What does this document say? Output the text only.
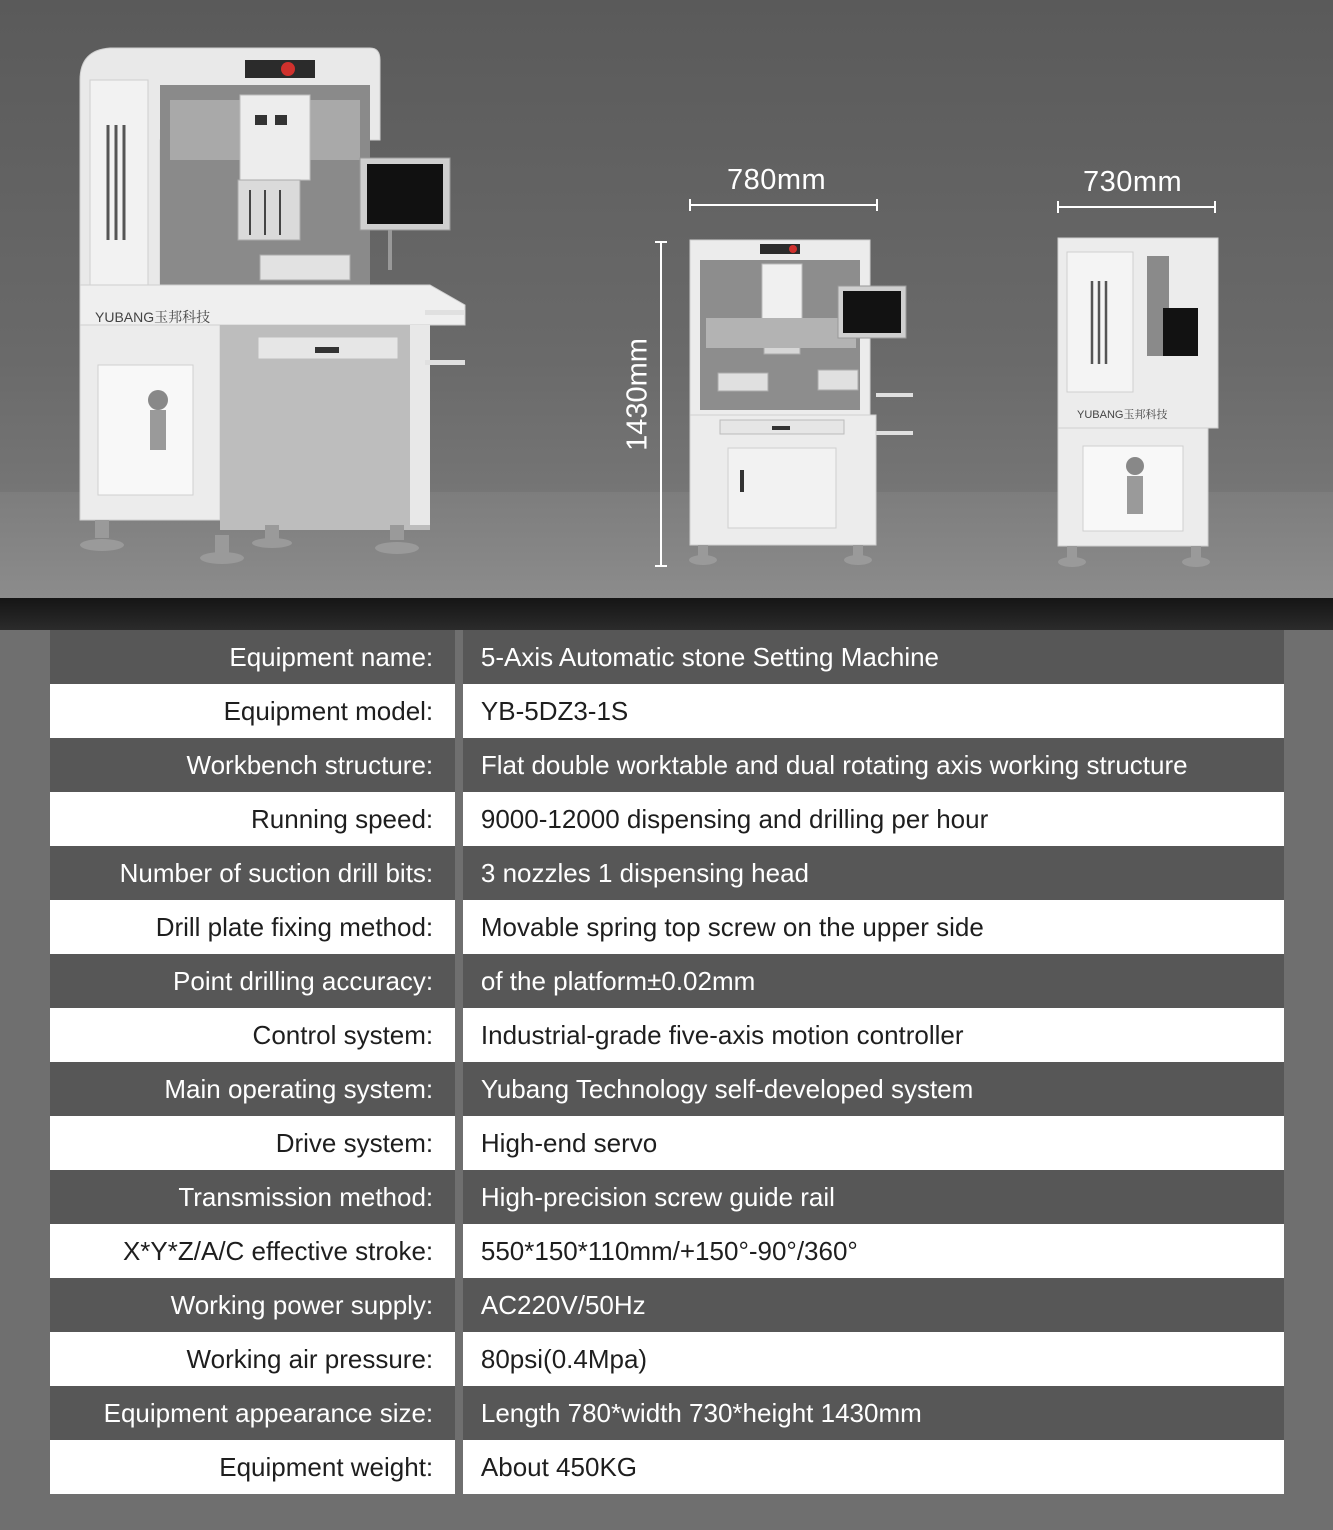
YUBANG玉邦科技
780mm	730mm
1430mm	YUBANG玉邦科技
Equipment name:	5-Axis Automatic stone Setting Machine
Equipment model:	YB-5DZ3-1S
Workbench structure:	Flat double worktable and dual rotating axis working structure
Running speed:	9000-12000 dispensing and drilling per hour
Number of suction drill bits:	3 nozzles 1 dispensing head
Drill plate fixing method:	Movable spring top screw on the upper side
Point drilling accuracy:	of the platform±0.02mm
Control system:	Industrial-grade five-axis motion controller
Main operating system:	Yubang Technology self-developed system
Drive system:	High-end servo
Transmission method:	High-precision screw guide rail
X*Y*Z/A/C effective stroke:	550*150*110mm/+150°-90°/360°
Working power supply:	AC220V/50Hz
Working air pressure:	80psi(0.4Mpa)
Equipment appearance size:	Length 780*width 730*height 1430mm
Equipment weight:	About 450KG
